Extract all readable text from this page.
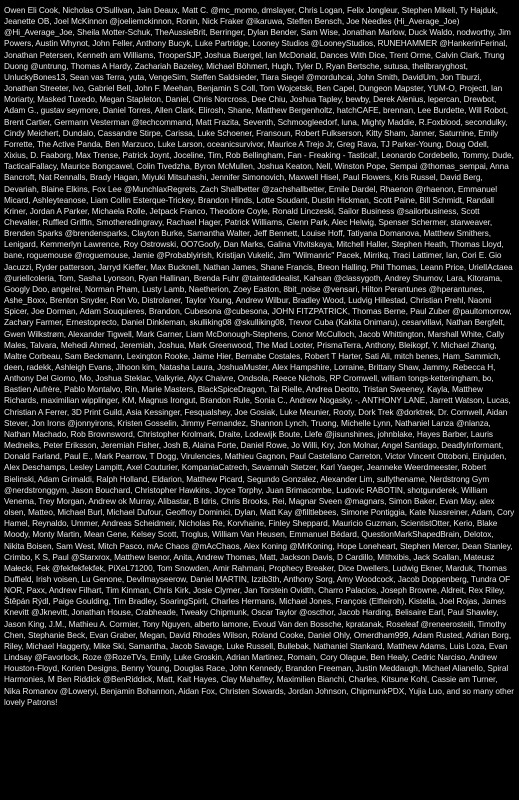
Owen Eli Cook, Nicholas O'Sullivan, Jain Deaux, Matt C. @mc_momo, dmslayer, Chris Logan, Felix Jongleur, Stephen Mikell, Ty Hajduk, Jeanette OB, Joel McKinnon @joeliemckinnon, Ronin, Nick Fraker @ikaruwa, Steffen Bensch, Joe Needles (Hi_Average_Joe) @Hi_Average_Joe, Sheila Motter-Schuk, TheAussieBrit, Berringer, Dylan Bender, Sam Wise, Jonathan Marlow, Duck Waldo, nodworthy, Jim Powers, Austin Whynot, John Feller, Anthony Bucyk, Luke Partridge, Looney Studios @LooneyStudios, RUNEHAMMER @HankerinFerinal, Jonathan Petersen, Kenneth am Williams, TrooperSJP, Joshua Buergel, Ian McDonald, Dances With Dice, Trent Orme, Calvin Clark, Trung Duong @untrung, Thomas A Hardy, Zachariah Bazeley, Michael Böhmert, Hugh, Tyler D, Ryan Bertsche, sutusa, thelibraryghost, UnluckyBones13, Sean vas Terra, yuta, VengeSim, Steffen Saldsieder, Tiara Siegel @morduhcai, John Smith, DavidUm, Jon Tiburzi, Jonathan Streeter, Ivo, Gabriel Bell, John F. Meehan, Benjamin S Coll, Tom Wojcetski, Ben Capel, Dungeon Mapster, YUM-O, Projectl, Ian Moriarty, Masked Tuxedo, Megan Stapleton, Daniel, Chris Norcross, Dee Chiu, Joshua Tapley, bewby, Derek Alenius, lepercan, Drewbot, Adam G., gustav seymore, Daniel Torres, Allen Clark, Elirosh, Shane, Matthew Bergenholtz, hatchCAFE, brennan, Lee Burdette, Will Robot, Brent Cartier, Germann Vesterman @techcommand, Matt Frazita, Seventh, Schmoogleedorf, luna, Mighty Maddie, R.Foxblood, secondulky, Cindy Meichert, Dundalo, Cassandre Stirpe, Carissa, Luke Schoener, Fransoun, Robert Fulkserson, Kitty Sham, Janner, Saturnine, Emily Forrette, The Active Panda, Ben Marzuco, Luke Larson, oceanicsurvivor, Maurice A Trejo Jr, Greg Rava, TJ Parker-Young, Doug Odell, Xixius, D. Faaborg, Max Trense, Patrick Joynt, Joceline, Tim, Rob Bellingham, Fan - Freaking - Tastical!, Leonardo Cordebello, Tommy, Dude, TacticalFallacy, Maurice Bongcawel, Colin Tivedzha, Byron McMullen, Joshua Keaton, Nell, Winston Pope, Sempai @thomas_sempai, Anna Bancroft, Nat Rennalls, Brady Hagan, Miyuki Mitsuhashi, Jennifer Simonovich, Maxwell Hisel, Paul Flowers, Kris Russel, David Berg, Devariah, Blaine Elkins, Fox Lee @MunchlaxRegrets, Zach Shallbetter @zachshallbetter, Emile Dardel, Rhaenon @rhaenon, Emmanuel Micard, Ashleyteanose, Liam Collin Esterque-Trickey, Brandon Hinds, Lotte Soudant, Dustin Hickman, Scott Paine, Bill Schmidt, Randall Kriner, Jordan A Parker, Michaela Rolle, Jetpack Franco, Theodore Coyle, Ronald Linczeski, Sailor Business @sailorbusiness, Scott Chevalier, Ruffled Griffin, Smotheredingravy, Rachael Hager, Patrick Williams, Glenn Park, Alec Helwig, Spenser Schermer, starweaver, Brenden Sparks @brendensparks, Clayton Burke, Samantha Walter, Jeff Bennett, Louise Hoff, Tatiyana Domanova, Matthew Smithers, Lenigard, Kemmerlyn Lawrence, Roy Ostrowski, OO7Goofy, Dan Marks, Galina Vitvitskaya, Mitchell Haller, Stephen Heath, Thomas Lloyd, bane, roguemouse @roguemouse, Jamie @Probablyirish, Kristijan Vukelić, Jim "Wilmanric" Pacek, Mirrikq, Traci Lattimer, Ian, Cori E. Gio Jacuzzi, Ryder patterson, Jarryd Kieffer, Max Bucknell, Nathan James, Shane Francis, Breon Halling, Phil Thomas, Leann Price, UrielIActaea @urielIcoleria, Tom, Sasha Lyonson, Ryan Hallinan, Brenda Fuhr @taintedidealist, Kahsan @classygoth, Andrey Shumov, Lara, Kitorama, Googly Doo, angelrei, Norman Pham, Lusty Lamb, Naetherion, Zoey Easton, 8bit_noise @vensari, Hilton Perantunes @hperantunes, Ashe_Boxx, Brenton Snyder, Ron Vo, Distrolaner, Taylor Young, Andrew Wilbur, Bradley Wood, Ludvig Hillestad, Christian Prehl, Naomi Spicer, Joe Dorman, Adam Souquieres, Brandon, Cubesona @cubesona, JOHN FITZPATRICK, Thomas Berne, Paul Zuber @paultomorrow, Zachary Farmer, Ernestoprecto, Daniel Dinkleman, skulliking08 @skulliking08, Trevor Cuba (Kakita Onimaru), cesarvillavi, Nathan Bergfelt, Gwen Wilkstrøm, Alexander Tigwell, Mark Garner, Liam McDonough-Stephens, Conor McCulloch, Jacob Whittington, Marshall White, Cally Males, Talvara, Mehedi Ahmed, Jeremiah, Joshua, Mark Greenwood, The Mad Looter, PrismaTerra, Anthony, Bleikopf, Y. Michael Zhang, Maltre Corbeau, Sam Beckmann, Lexington Rooke, Jaime Hier, Bernabe Costales, Robert T Harter, Sati Ali, mitch benes, Ham_Sammich, deen, radekk, Ashleigh Evans, Jihoon kim, Natasha Laura, JoshuaMuster, Alex Hampshire, Lorraine, Brittany Shaw, Jammy, Rebecca H, Anthony Del Giorno, Mo, Joshua Steklac, Valkyrie, Alyx Chaivre, Ondsola, Reece Nichols, RP Cromwell, william tongs-ketteringham, bo, Bastien Aufrère, Pablo Montalvo, Rin, Marie Masters, BlackSpiceDragon, Tai Rielle, Andrea Deotto, Tristan Sweeney, Kayla, Matthew Richards, maximilian wipplinger, KM, Magnus Irongut, Brandon Rule, Sonia C., Andrew Nogasky, -, ANTHONY LANE, Jarrett Watson, Lucas, Christian A Ferrer, 3D Print Guild, Asia Kessinger, Fesqualshey, Joe Gosiak, Luke Meunier, Rooty, Dork Trek @dorktrek, Dr. Cornwell, Aidan Stever, Jon Irons @jonnyirons, Kristen Gosselin, Jimmy Fernandez, Shannon Lynch, Truong, Michelle Lynn, Nathaniel Lanza @nlanza, Nathan Machado, Rob Brownsword, Christopher Krolmark, Draite, Lodewijk Boute, Llefe @jisunshines, johnblake, Hayes Barber, Lauris Medneiks, Peter Eriksson, Jeremiah Fisher, Josh B, Alaina Forte, Daniel Rowe, Jo Willi, Kry, Jon Molnar, Angel Santiago, DeadlyInformant, Donald Farland, Paul E., Mark Pearrow, T Dogg, Virulencies, Mathieu Gagnon, Paul Castellano Carreton, Victor Vincent Ottoboni, Einjuden, Alex Deschamps, Lesley Lampitt, Axel Couturier, KompaniaCatrech, Savannah Stetzer, Karl Yaeger, Jeanneke Weerdmeester, Robert Bielinski, Adam Grimaldi, Ralph Holland, Eldarion, Matthew Picard, Segundo Gonzalez, Alexander Lim, sullythename, Nerdstrong Gym @nerdstronggym, Jason Bouchard, Christopher Hawkins, Joyce Torphy, Juan Brimacombe, Ludovic RABOTIN, shotgunderek, William Venema, Trey Morgan, Andrew ok Murray, Alibastar, B Idris, Chris Brooks, Rei, Magnar Sveen @magnars, Simon Baker, Evan May, alex olsen, Matteo, Michael Burl, Michael Dufour, Geoffroy Dominici, Dylan, Matt Kay @filltlebees, Simone Pontiggia, Kate Nussreiner, Adam, Cory Hamel, Reynaldo, Ummer, Andreas Scheidmeir, Nicholas Re, Korvhaine, Finley Sheppard, Mauricio Guzman, ScientistOtter, Kerio, Blake Moody, Monty Martin, Mean Gene, Kelsey Scott, Troglus, William Van Heusen, Emmanuel Bédard, QuestionMarkShapedBrain, Delotox, Nikita Boisen, Sam West, Mitch Pasco, mAc Chaos @mAcChaos, Alex Koning @MrKoning, Hope Loneheart, Stephen Mercer, Dean Stanley, Crimbo, K S, Paul @Starxrox, Matthew Isenor, Anita, Andrew Thomas, Matt, Jackson Davis, D Cardillo, Mithxibis, Jack Scallan, Mateusz Małecki, Fek @fekfekfekfek, PiXeL71200, Tom Snowden, Amir Rahmani, Prophecy Breaker, Dice Dwellers, Ludwig Ekner, Marduk, Thomas Duffield, Irish voisen, Lu Genone, Devilmayseerow, Daniel MARTIN, Izzib3th, Anthony Sorg, Amy Woodcock, Jacob Doppenberg, Tundra OF NOR, Paxx, Andrew Filhart, Tim Kinman, Chris Kirk, Josie Clymer, Jan Torstein Ovidth, Charro Palacios, Joseph Browne, Aldreit, Rex Riley, Štěpán Rýdl, Paige Goulding, Tim Bradley, SoaringSpirit, Charles Hermans, Michael Jones, François (Elfteiroh), Kistella, Joel Rojas, James Knevitt @Jknevitt, Jonathan House, Crabheade, Tweaky Chipmunk, Oscar Taylor @oscthor, Jacob Harding, Belisaire Earl, Paul Shawley, Jason King, J.M., Mathieu A. Cormier, Tony Nguyen, alberto lamone, Evoud Van den Bossche, kpratanak, Roseleaf @reneerosteili, Timothy Chen, Stephanie Beck, Evan Graber, Megan, David Rhodes Wilson, Roland Cooke, Daniel Ohly, Omerdham999, Adam Rusted, Adrian Borg, Riley, Michael Haggerty, Mike Ski, Samantha, Jacob Savage, Luke Russell, Bullebak, Nathaniel Stankard, Matthew Adams, Luis Loza, Evan Lindsay @Favorlock, Roze @RozeTVs, Emily, Luke Groskin, Adrian Martinez, Romain, Cory Olague, Ben Healy, Cedric Narciso, Andrew Houston-Floyd, Korien Designs, Benny Young, Douglas Race, John Kennedy, Brandon Freeman, Justin Meddaugh, Michael Alianello, Spiral Harmonies, M Ben Riddick @BenRiddick, Matt, Kait Hayes, Clay Mahaffey, Maximilien Bianchi, Charles, Kitsune Kohl, Cassie am Turner, Nika Romanov @Loweryi, Benjamin Bohannon, Aidan Fox, Christen Sowards, Jordan Johnson, ChipmunkPDX, Yujia Luo, and so many other lovely Patrons!
